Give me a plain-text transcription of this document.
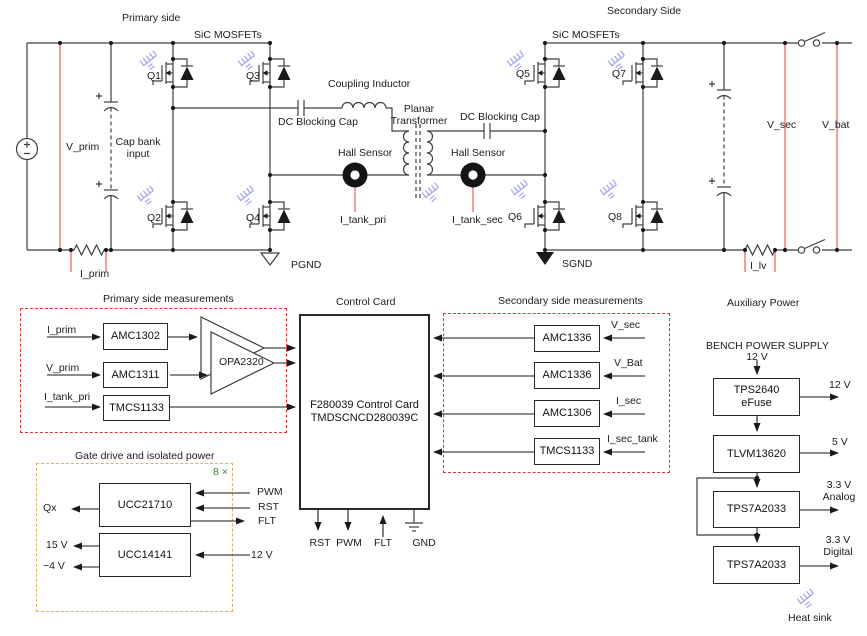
Primary side
SiC MOSFETs
Secondary Side
SiC MOSFETs
Q1
Q2
Q3
Q4
Q5
Q6
Q7
Q8
V_prim	Cap bank input
I_prim
Coupling Inductor
DC Blocking Cap
Planar Transformer	DC Blocking Cap
Hall Sensor	Hall Sensor
I_tank_pri	I_tank_sec
PGND	SGND
V_sec V_bat
I_lv
Primary side measurements
I_prim
V_prim
I_tank_pri
AMC1302
AMC1311
TMCS1133
OPA2320
Control Card
F280039 Control Card
TMDSCNCD280039C
RST PWM FLT GND
Secondary side measurements
AMC1336
AMC1336
AMC1306
TMCS1133
V_sec
V_Bat
I_sec
I_sec_tank
Auxiliary Power
BENCH POWER SUPPLY
12 V
TPS2640
eFuse
12 V
TLVM13620
5 V
TPS7A2033
3.3 V
Analog
TPS7A2033
3.3 V
Digital
Heat sink
Gate drive and isolated power
8 ×
UCC21710
UCC14141
Qx
PWM
RST
FLT
15 V
−4 V
12 V
